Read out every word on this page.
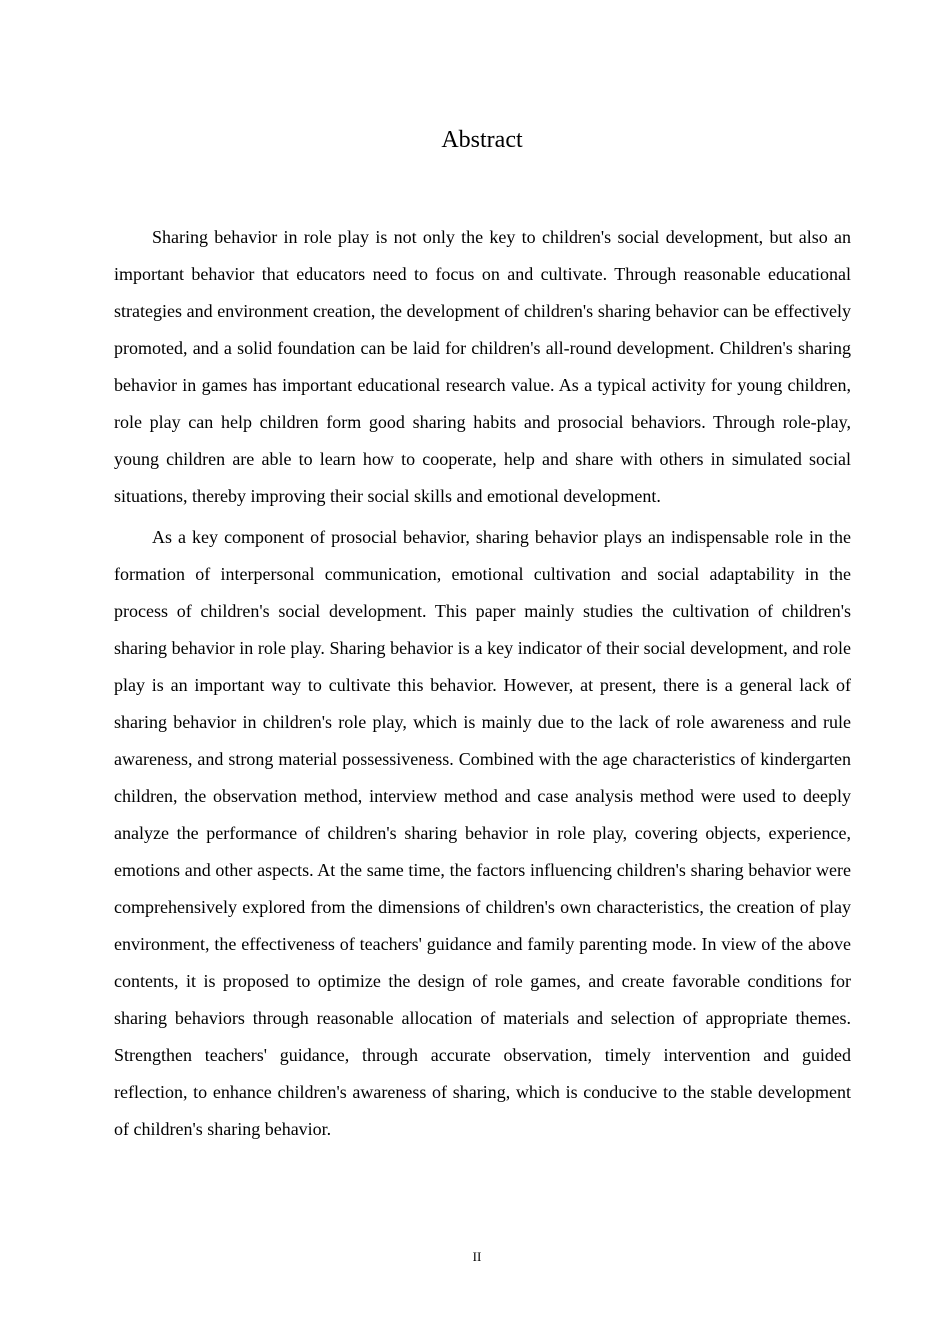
Abstract

Sharing behavior in role play is not only the key to children's social development, but also an important behavior that educators need to focus on and cultivate. Through reasonable educational strategies and environment creation, the development of children's sharing behavior can be effectively promoted, and a solid foundation can be laid for children's all-round development. Children's sharing behavior in games has important educational research value. As a typical activity for young children, role play can help children form good sharing habits and prosocial behaviors. Through role-play, young children are able to learn how to cooperate, help and share with others in simulated social situations, thereby improving their social skills and emotional development.

As a key component of prosocial behavior, sharing behavior plays an indispensable role in the formation of interpersonal communication, emotional cultivation and social adaptability in the process of children's social development. This paper mainly studies the cultivation of children's sharing behavior in role play. Sharing behavior is a key indicator of their social development, and role play is an important way to cultivate this behavior. However, at present, there is a general lack of sharing behavior in children's role play, which is mainly due to the lack of role awareness and rule awareness, and strong material possessiveness. Combined with the age characteristics of kindergarten children, the observation method, interview method and case analysis method were used to deeply analyze the performance of children's sharing behavior in role play, covering objects, experience, emotions and other aspects. At the same time, the factors influencing children's sharing behavior were comprehensively explored from the dimensions of children's own characteristics, the creation of play environment, the effectiveness of teachers' guidance and family parenting mode. In view of the above contents, it is proposed to optimize the design of role games, and create favorable conditions for sharing behaviors through reasonable allocation of materials and selection of appropriate themes. Strengthen teachers' guidance, through accurate observation, timely intervention and guided reflection, to enhance children's awareness of sharing, which is conducive to the stable development of children's sharing behavior.

II
